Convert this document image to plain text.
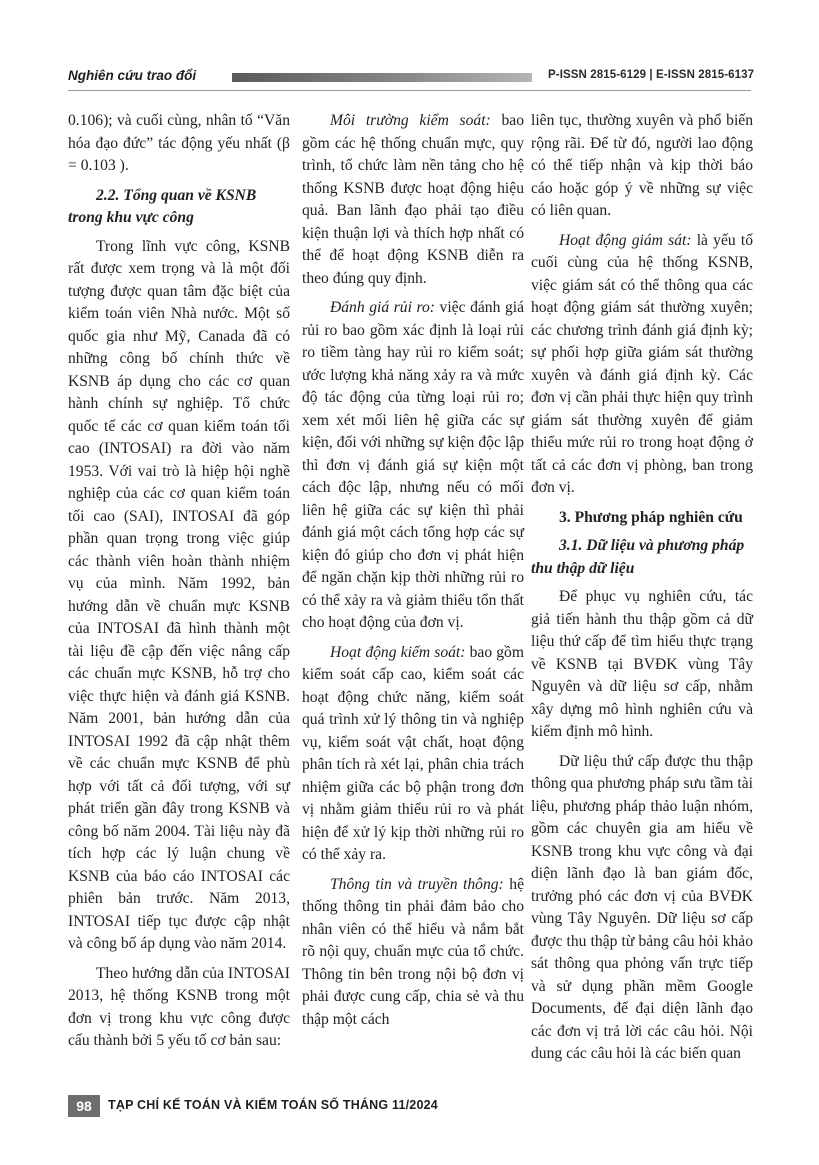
Nghiên cứu trao đổi	P-ISSN 2815-6129 | E-ISSN 2815-6137

0.106); và cuối cùng, nhân tố “Văn hóa đạo đức” tác động yếu nhất (β = 0.103 ).

2.2. Tổng quan về KSNB trong khu vực công

Trong lĩnh vực công, KSNB rất được xem trọng và là một đối tượng được quan tâm đặc biệt của kiểm toán viên Nhà nước. Một số quốc gia như Mỹ, Canada đã có những công bố chính thức về KSNB áp dụng cho các cơ quan hành chính sự nghiệp. Tổ chức quốc tế các cơ quan kiểm toán tối cao (INTOSAI) ra đời vào năm 1953. Với vai trò là hiệp hội nghề nghiệp của các cơ quan kiểm toán tối cao (SAI), INTOSAI đã góp phần quan trọng trong việc giúp các thành viên hoàn thành nhiệm vụ của mình. Năm 1992, bản hướng dẫn về chuẩn mực KSNB của INTOSAI đã hình thành một tài liệu đề cập đến việc nâng cấp các chuẩn mực KSNB, hỗ trợ cho việc thực hiện và đánh giá KSNB. Năm 2001, bản hướng dẫn của INTOSAI 1992 đã cập nhật thêm về các chuẩn mực KSNB để phù hợp với tất cả đối tượng, với sự phát triển gần đây trong KSNB và công bố năm 2004. Tài liệu này đã tích hợp các lý luận chung về KSNB của báo cáo INTOSAI các phiên bản trước. Năm 2013, INTOSAI tiếp tục được cập nhật và công bố áp dụng vào năm 2014.

Theo hướng dẫn của INTOSAI 2013, hệ thống KSNB trong một đơn vị trong khu vực công được cấu thành bởi 5 yếu tố cơ bản sau:

Môi trường kiểm soát: bao gồm các hệ thống chuẩn mực, quy trình, tổ chức làm nền tảng cho hệ thống KSNB được hoạt động hiệu quả. Ban lãnh đạo phải tạo điều kiện thuận lợi và thích hợp nhất có thể để hoạt động KSNB diễn ra theo đúng quy định.

Đánh giá rủi ro: việc đánh giá rủi ro bao gồm xác định là loại rủi ro tiềm tàng hay rủi ro kiểm soát; ước lượng khả năng xảy ra và mức độ tác động của từng loại rủi ro; xem xét mối liên hệ giữa các sự kiện, đối với những sự kiện độc lập thì đơn vị đánh giá sự kiện một cách độc lập, nhưng nếu có mối liên hệ giữa các sự kiện thì phải đánh giá một cách tổng hợp các sự kiện đó giúp cho đơn vị phát hiện để ngăn chặn kịp thời những rủi ro có thể xảy ra và giảm thiểu tổn thất cho hoạt động của đơn vị.

Hoạt động kiểm soát: bao gồm kiểm soát cấp cao, kiểm soát các hoạt động chức năng, kiểm soát quá trình xử lý thông tin và nghiệp vụ, kiểm soát vật chất, hoạt động phân tích rà xét lại, phân chia trách nhiệm giữa các bộ phận trong đơn vị nhằm giảm thiểu rủi ro và phát hiện để xử lý kịp thời những rủi ro có thể xảy ra.

Thông tin và truyền thông: hệ thống thông tin phải đảm bảo cho nhân viên có thể hiểu và nắm bắt rõ nội quy, chuẩn mực của tổ chức. Thông tin bên trong nội bộ đơn vị phải được cung cấp, chia sẻ và thu thập một cách

liên tục, thường xuyên và phổ biến rộng rãi. Để từ đó, người lao động có thể tiếp nhận và kịp thời báo cáo hoặc góp ý về những sự việc có liên quan.

Hoạt động giám sát: là yếu tố cuối cùng của hệ thống KSNB, việc giám sát có thể thông qua các hoạt động giám sát thường xuyên; các chương trình đánh giá định kỳ; sự phối hợp giữa giám sát thường xuyên và đánh giá định kỳ. Các đơn vị cần phải thực hiện quy trình giám sát thường xuyên để giảm thiểu mức rủi ro trong hoạt động ở tất cả các đơn vị phòng, ban trong đơn vị.

3. Phương pháp nghiên cứu
3.1. Dữ liệu và phương pháp thu thập dữ liệu

Để phục vụ nghiên cứu, tác giả tiến hành thu thập gồm cả dữ liệu thứ cấp để tìm hiểu thực trạng về KSNB tại BVĐK vùng Tây Nguyên và dữ liệu sơ cấp, nhằm xây dựng mô hình nghiên cứu và kiểm định mô hình.

Dữ liệu thứ cấp được thu thập thông qua phương pháp sưu tầm tài liệu, phương pháp thảo luận nhóm, gồm các chuyên gia am hiểu về KSNB trong khu vực công và đại diện lãnh đạo là ban giám đốc, trưởng phó các đơn vị của BVĐK vùng Tây Nguyên. Dữ liệu sơ cấp được thu thập từ bảng câu hỏi khảo sát thông qua phỏng vấn trực tiếp và sử dụng phần mềm Google Documents, để đại diện lãnh đạo các đơn vị trả lời các câu hỏi. Nội dung các câu hỏi là các biến quan

98	TẠP CHÍ KẾ TOÁN VÀ KIỂM TOÁN SỐ THÁNG 11/2024
